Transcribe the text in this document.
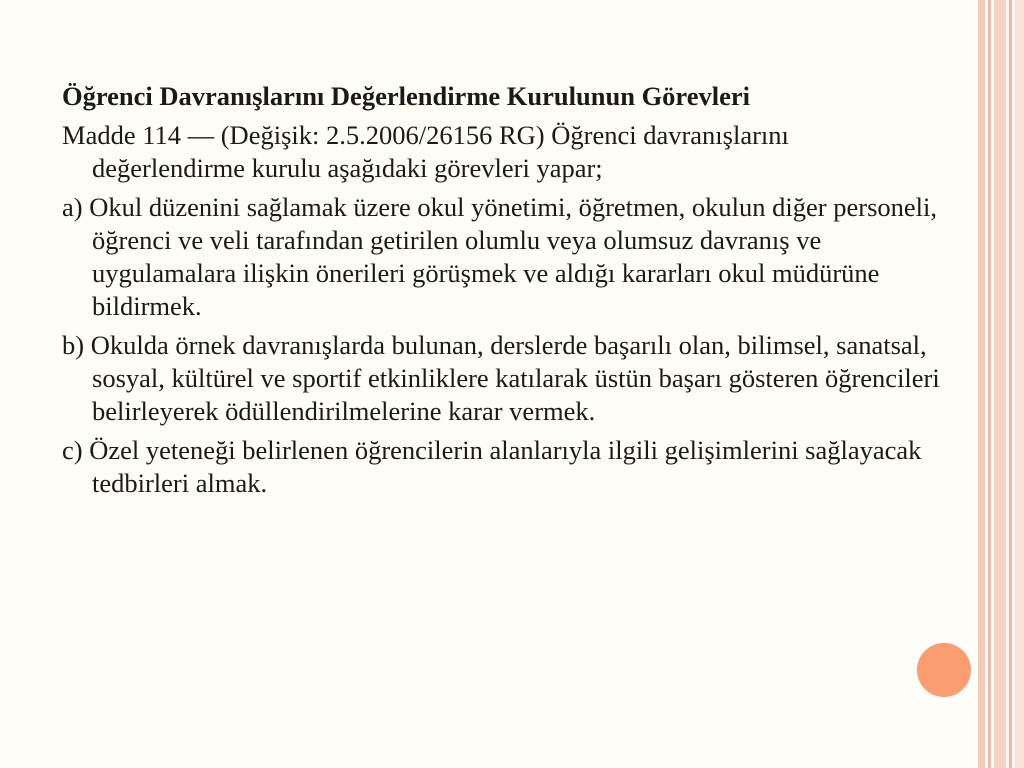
Öğrenci Davranışlarını Değerlendirme Kurulunun Görevleri

Madde 114 — (Değişik: 2.5.2006/26156 RG) Öğrenci davranışlarını değerlendirme kurulu aşağıdaki görevleri yapar;

a) Okul düzenini sağlamak üzere okul yönetimi, öğretmen, okulun diğer personeli, öğrenci ve veli tarafından getirilen olumlu veya olumsuz davranış ve uygulamalara ilişkin önerileri görüşmek ve aldığı kararları okul müdürüne bildirmek.

b) Okulda örnek davranışlarda bulunan, derslerde başarılı olan, bilimsel, sanatsal, sosyal, kültürel ve sportif etkinliklere katılarak üstün başarı gösteren öğrencileri belirleyerek ödüllendirilmelerine karar vermek.

c) Özel yeteneği belirlenen öğrencilerin alanlarıyla ilgili gelişimlerini sağlayacak tedbirleri almak.
